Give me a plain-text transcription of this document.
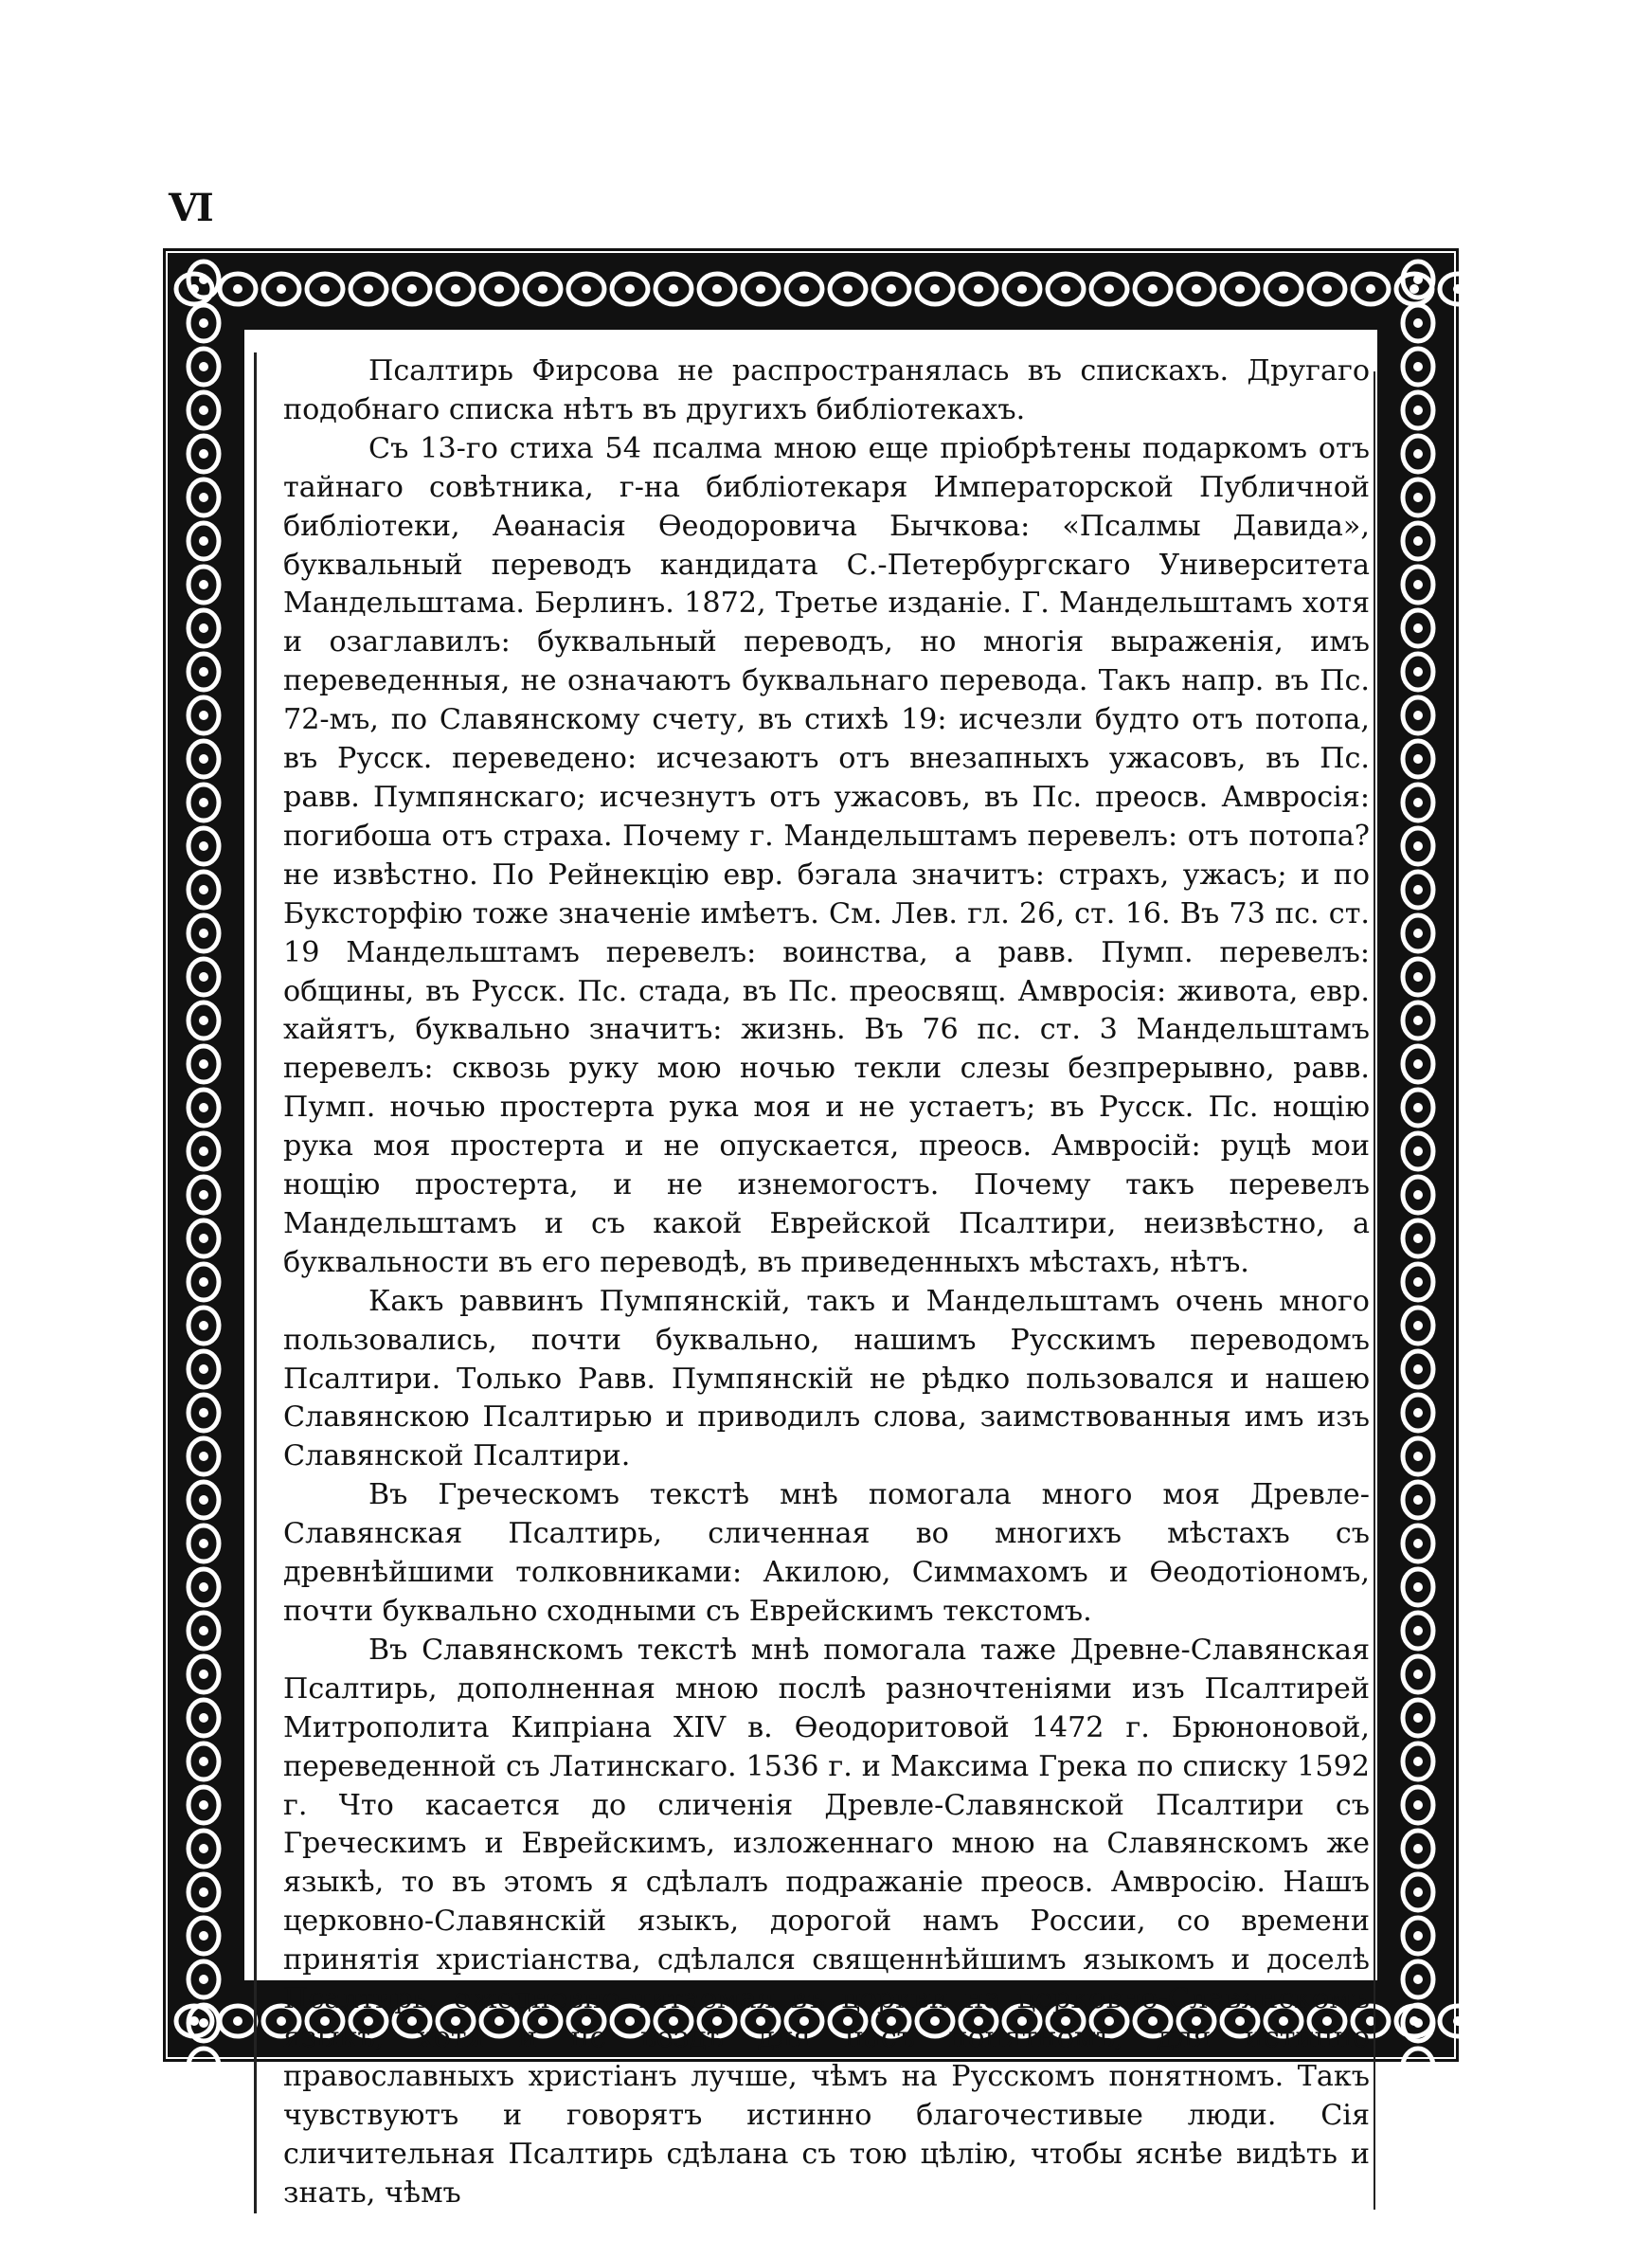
VI

Псалтирь Фирсова не распространялась въ спискахъ. Другаго подобнаго списка нѣтъ въ другихъ библіотекахъ.

Съ 13-го стиха 54 псалма мною еще пріобрѣтены подаркомъ отъ тайнаго совѣтника, г-на библіотекаря Императорской Публичной библіотеки, Аѳанасія Ѳеодоровича Бычкова: «Псалмы Давида», буквальный переводъ кандидата С.-Петербургскаго Университета Мандельштама. Берлинъ. 1872, Третье изданіе. Г. Мандельштамъ хотя и озаглавилъ: буквальный переводъ, но многія выраженія, имъ переведенныя, не означаютъ буквальнаго перевода. Такъ напр. въ Пс. 72-мъ, по Славянскому счету, въ стихѣ 19: исчезли будто отъ потопа, въ Русск. переведено: исчезаютъ отъ внезапныхъ ужасовъ, въ Пс. равв. Пумпянскаго; исчезнутъ отъ ужасовъ, въ Пс. преосв. Амвросія: погибоша отъ страха. Почему г. Мандельштамъ перевелъ: отъ потопа? не извѣстно. По Рейнекцію евр. бэгала значитъ: страхъ, ужасъ; и по Буксторфію тоже значеніе имѣетъ. См. Лев. гл. 26, ст. 16. Въ 73 пс. ст. 19 Мандельштамъ перевелъ: воинства, а равв. Пумп. перевелъ: общины, въ Русск. Пс. стада, въ Пс. преосвящ. Амвросія: живота, евр. хайятъ, буквально значитъ: жизнь. Въ 76 пс. ст. 3 Мандельштамъ перевелъ: сквозь руку мою ночью текли слезы безпрерывно, равв. Пумп. ночью простерта рука моя и не устаетъ; въ Русск. Пс. нощію рука моя простерта и не опускается, преосв. Амвросій: руцѣ мои нощію простерта, и не изнемогостъ. Почему такъ перевелъ Мандельштамъ и съ какой Еврейской Псалтири, неизвѣстно, а буквальности въ его переводѣ, въ приведенныхъ мѣстахъ, нѣтъ.

Какъ раввинъ Пумпянскій, такъ и Мандельштамъ очень много пользовались, почти буквально, нашимъ Русскимъ переводомъ Псалтири. Только Равв. Пумпянскій не рѣдко пользовался и нашею Славянскою Псалтирью и приводилъ слова, заимствованныя имъ изъ Славянской Псалтири.

Въ Греческомъ текстѣ мнѣ помогала много моя Древле-Славянская Псалтирь, сличенная во многихъ мѣстахъ съ древнѣйшими толковниками: Акилою, Симмахомъ и Ѳеодотіономъ, почти буквально сходными съ Еврейскимъ текстомъ.

Въ Славянскомъ текстѣ мнѣ помогала таже Древне-Славянская Псалтирь, дополненная мною послѣ разночтеніями изъ Псалтирей Митрополита Кипріана XIV в. Ѳеодоритовой 1472 г. Брюноновой, переведенной съ Латинскаго. 1536 г. и Максима Грека по списку 1592 г. Что касается до сличенія Древле-Славянской Псалтири съ Греческимъ и Еврейскимъ, изложеннаго мною на Славянскомъ же языкѣ, то въ этомъ я сдѣлалъ подражаніе преосв. Амвросію. Нашъ церковно-Славянскій языкъ, дорогой намъ России, со времени принятія христіанства, сдѣлался священнѣйшимъ языкомъ и доселѣ Псалтирь, ежедневно-читаемая въ церкви на церковно-Славянскомъ языкѣ, хотя и не вездѣ для насъ понятномъ, для истинно православныхъ христіанъ лучше, чѣмъ на Русскомъ понятномъ. Такъ чувствуютъ и говорятъ истинно благочестивые люди. Сія сличительная Псалтирь сдѣлана съ тою цѣлію, чтобы яснѣе видѣть и знать, чѣмъ
